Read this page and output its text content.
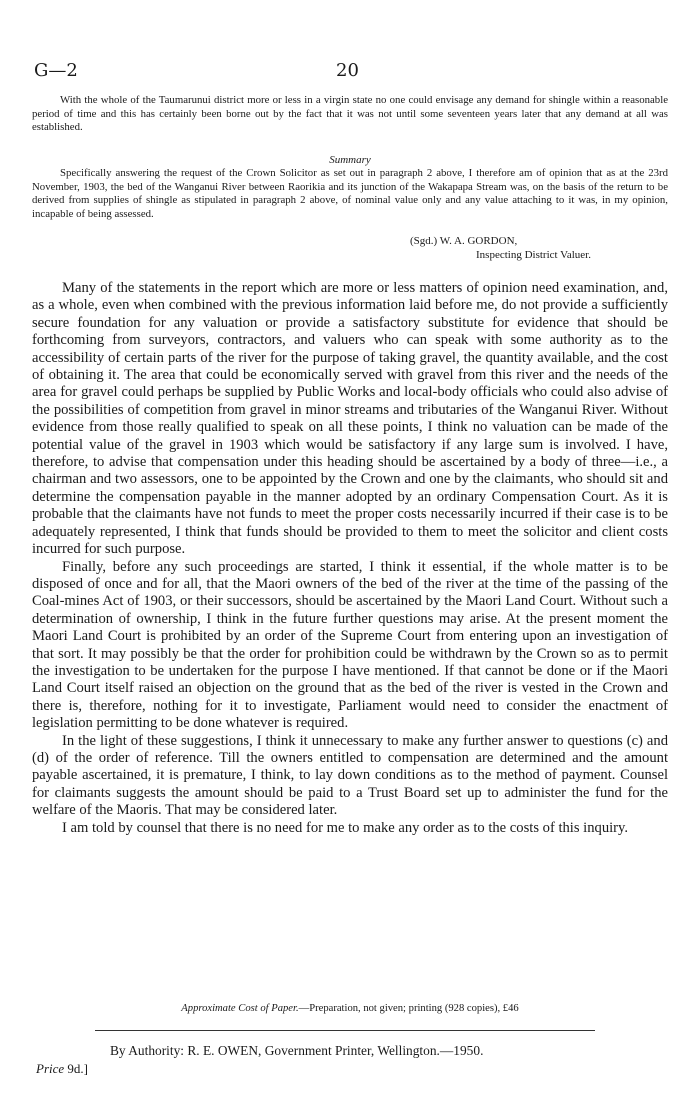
G—2	20

With the whole of the Taumarunui district more or less in a virgin state no one could envisage any demand for shingle within a reasonable period of time and this has certainly been borne out by the fact that it was not until some seventeen years later that any demand at all was established.

Summary

Specifically answering the request of the Crown Solicitor as set out in paragraph 2 above, I therefore am of opinion that as at the 23rd November, 1903, the bed of the Wanganui River between Raorikia and its junction of the Wakapapa Stream was, on the basis of the return to be derived from supplies of shingle as stipulated in paragraph 2 above, of nominal value only and any value attaching to it was, in my opinion, incapable of being assessed.

(Sgd.) W. A. GORDON,
Inspecting District Valuer.

Many of the statements in the report which are more or less matters of opinion need examination, and, as a whole, even when combined with the previous information laid before me, do not provide a sufficiently secure foundation for any valuation or provide a satisfactory substitute for evidence that should be forthcoming from surveyors, contractors, and valuers who can speak with some authority as to the accessibility of certain parts of the river for the purpose of taking gravel, the quantity available, and the cost of obtaining it. The area that could be economically served with gravel from this river and the needs of the area for gravel could perhaps be supplied by Public Works and local-body officials who could also advise of the possibilities of competition from gravel in minor streams and tributaries of the Wanganui River. Without evidence from those really qualified to speak on all these points, I think no valuation can be made of the potential value of the gravel in 1903 which would be satisfactory if any large sum is involved. I have, therefore, to advise that compensation under this heading should be ascertained by a body of three—i.e., a chairman and two assessors, one to be appointed by the Crown and one by the claimants, who should sit and determine the compensation payable in the manner adopted by an ordinary Compensation Court. As it is probable that the claimants have not funds to meet the proper costs necessarily incurred if their case is to be adequately represented, I think that funds should be provided to them to meet the solicitor and client costs incurred for such purpose.

Finally, before any such proceedings are started, I think it essential, if the whole matter is to be disposed of once and for all, that the Maori owners of the bed of the river at the time of the passing of the Coal-mines Act of 1903, or their successors, should be ascertained by the Maori Land Court. Without such a determination of ownership, I think in the future further questions may arise. At the present moment the Maori Land Court is prohibited by an order of the Supreme Court from entering upon an investigation of that sort. It may possibly be that the order for prohibition could be withdrawn by the Crown so as to permit the investigation to be undertaken for the purpose I have mentioned. If that cannot be done or if the Maori Land Court itself raised an objection on the ground that as the bed of the river is vested in the Crown and there is, therefore, nothing for it to investigate, Parliament would need to consider the enactment of legislation permitting to be done whatever is required.

In the light of these suggestions, I think it unnecessary to make any further answer to questions (c) and (d) of the order of reference. Till the owners entitled to compensation are determined and the amount payable ascertained, it is premature, I think, to lay down conditions as to the method of payment. Counsel for claimants suggests the amount should be paid to a Trust Board set up to administer the fund for the welfare of the Maoris. That may be considered later.

I am told by counsel that there is no need for me to make any order as to the costs of this inquiry.

Approximate Cost of Paper.—Preparation, not given; printing (928 copies), £46
By Authority: R. E. OWEN, Government Printer, Wellington.—1950.
Price 9d.]
